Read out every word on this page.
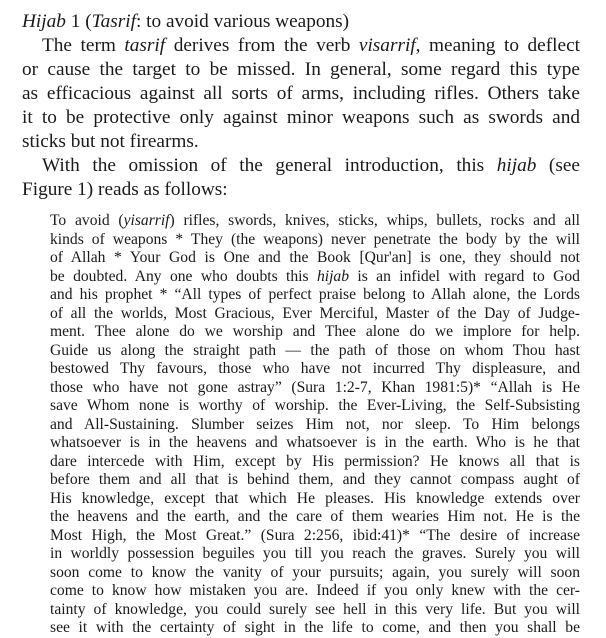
Hijab 1 (Tasrif: to avoid various weapons)
The term tasrif derives from the verb visarrif, meaning to deflect
or cause the target to be missed. In general, some regard this type
as efficacious against all sorts of arms, including rifles. Others take
it to be protective only against minor weapons such as swords and
sticks but not firearms.
With the omission of the general introduction, this hijab (see
Figure 1) reads as follows:
To avoid (yisarrif) rifles, swords, knives, sticks, whips, bullets, rocks and all
kinds of weapons * They (the weapons) never penetrate the body by the will
of Allah * Your God is One and the Book [Qur'an] is one, they should not
be doubted. Any one who doubts this hijab is an infidel with regard to God
and his prophet * “All types of perfect praise belong to Allah alone, the Lords
of all the worlds, Most Gracious, Ever Merciful, Master of the Day of Judge-
ment. Thee alone do we worship and Thee alone do we implore for help.
Guide us along the straight path — the path of those on whom Thou hast
bestowed Thy favours, those who have not incurred Thy displeasure, and
those who have not gone astray” (Sura 1:2-7, Khan 1981:5)* “Allah is He
save Whom none is worthy of worship. the Ever-Living, the Self-Subsisting
and All-Sustaining. Slumber seizes Him not, nor sleep. To Him belongs
whatsoever is in the heavens and whatsoever is in the earth. Who is he that
dare intercede with Him, except by His permission? He knows all that is
before them and all that is behind them, and they cannot compass aught of
His knowledge, except that which He pleases. His knowledge extends over
the heavens and the earth, and the care of them wearies Him not. He is the
Most High, the Most Great.” (Sura 2:256, ibid:41)* “The desire of increase
in worldly possession beguiles you till you reach the graves. Surely you will
soon come to know the vanity of your pursuits; again, you surely will soon
come to know how mistaken you are. Indeed if you only knew with the cer-
tainty of knowledge, you could surely see hell in this very life. But you will
see it with the certainty of sight in the life to come, and then you shall be
